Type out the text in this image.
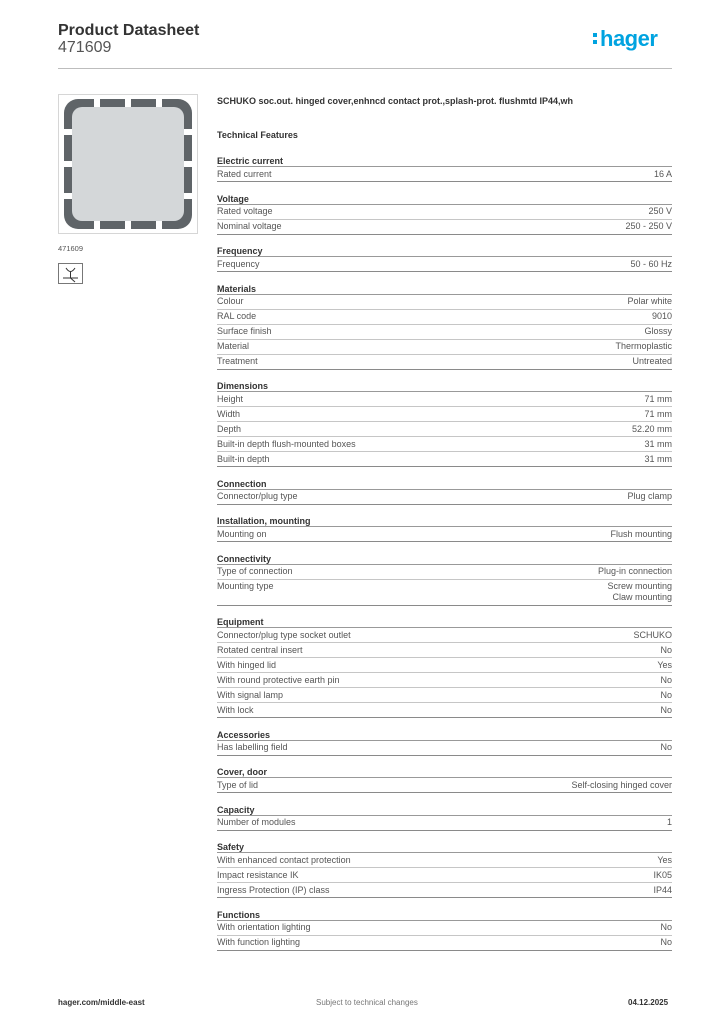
Product Datasheet
471609	hager
471609
SCHUKO soc.out. hinged cover,enhncd contact prot.,splash-prot. flushmtd IP44,wh
Technical Features
Electric current
Rated current	16 A
Voltage
Rated voltage	250 V
Nominal voltage	250 - 250 V
Frequency
Frequency	50 - 60 Hz
Materials
Colour	Polar white
RAL code	9010
Surface finish	Glossy
Material	Thermoplastic
Treatment	Untreated
Dimensions
Height	71 mm
Width	71 mm
Depth	52.20 mm
Built-in depth flush-mounted boxes	31 mm
Built-in depth	31 mm
Connection
Connector/plug type	Plug clamp
Installation, mounting
Mounting on	Flush mounting
Connectivity
Type of connection	Plug-in connection
Mounting type	Screw mounting
Claw mounting
Equipment
Connector/plug type socket outlet	SCHUKO
Rotated central insert	No
With hinged lid	Yes
With round protective earth pin	No
With signal lamp	No
With lock	No
Accessories
Has labelling field	No
Cover, door
Type of lid	Self-closing hinged cover
Capacity
Number of modules	1
Safety
With enhanced contact protection	Yes
Impact resistance IK	IK05
Ingress Protection (IP) class	IP44
Functions
With orientation lighting	No
With function lighting	No
hager.com/middle-east	Subject to technical changes	04.12.2025
